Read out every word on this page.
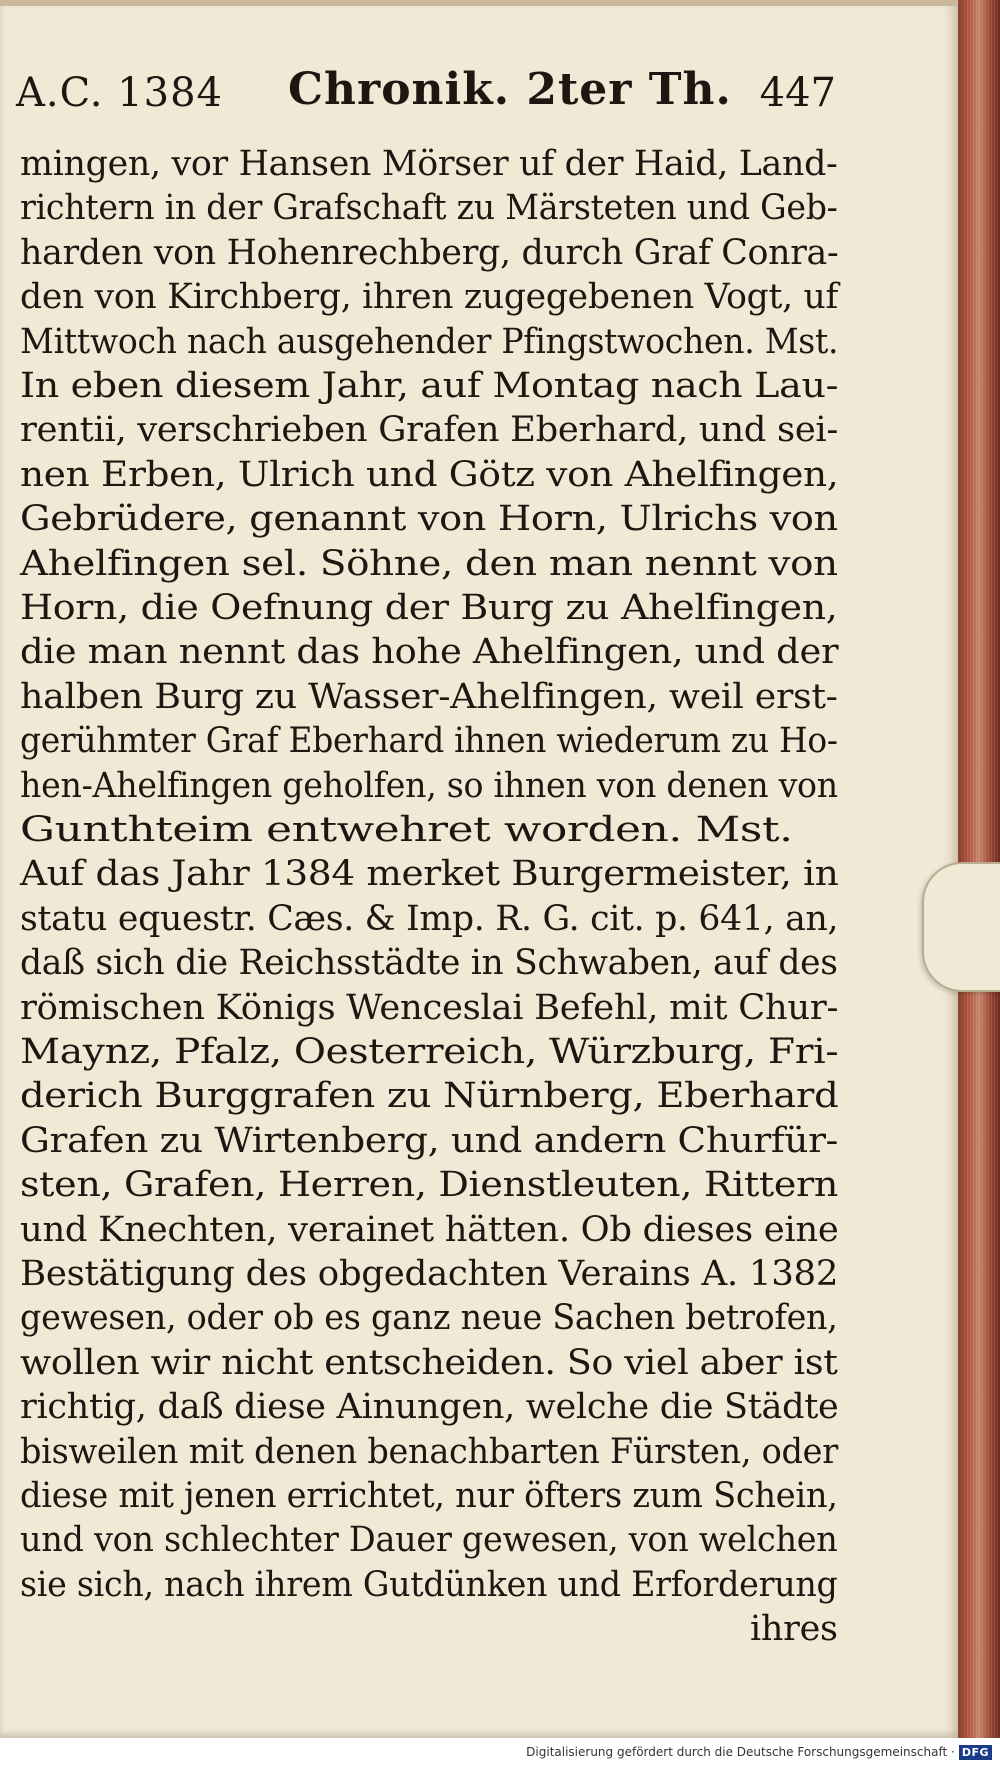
A.C. 1384 Chronik. 2ter Th. 447
mingen, vor Hansen Mörser uf der Haid, Land-
richtern in der Grafschaft zu Märsteten und Geb-
harden von Hohenrechberg, durch Graf Conra-
den von Kirchberg, ihren zugegebenen Vogt, uf
Mittwoch nach ausgehender Pfingstwochen. Mst.
In eben diesem Jahr, auf Montag nach Lau-
rentii, verschrieben Grafen Eberhard, und sei-
nen Erben, Ulrich und Götz von Ahelfingen,
Gebrüdere, genannt von Horn, Ulrichs von
Ahelfingen sel. Söhne, den man nennt von
Horn, die Oefnung der Burg zu Ahelfingen,
die man nennt das hohe Ahelfingen, und der
halben Burg zu Wasser-Ahelfingen, weil erst-
gerühmter Graf Eberhard ihnen wiederum zu Ho-
hen-Ahelfingen geholfen, so ihnen von denen von
Gunthteim entwehret worden. Mst.
Auf das Jahr 1384 merket Burgermeister, in
statu equestr. Cæs. & Imp. R. G. cit. p. 641, an,
daß sich die Reichsstädte in Schwaben, auf des
römischen Königs Wenceslai Befehl, mit Chur-
Maynz, Pfalz, Oesterreich, Würzburg, Fri-
derich Burggrafen zu Nürnberg, Eberhard
Grafen zu Wirtenberg, und andern Churfür-
sten, Grafen, Herren, Dienstleuten, Rittern
und Knechten, verainet hätten. Ob dieses eine
Bestätigung des obgedachten Verains A. 1382
gewesen, oder ob es ganz neue Sachen betrofen,
wollen wir nicht entscheiden. So viel aber ist
richtig, daß diese Ainungen, welche die Städte
bisweilen mit denen benachbarten Fürsten, oder
diese mit jenen errichtet, nur öfters zum Schein,
und von schlechter Dauer gewesen, von welchen
sie sich, nach ihrem Gutdünken und Erforderung
ihres
Digitalisierung gefördert durch die Deutsche Forschungsgemeinschaft · DFG
